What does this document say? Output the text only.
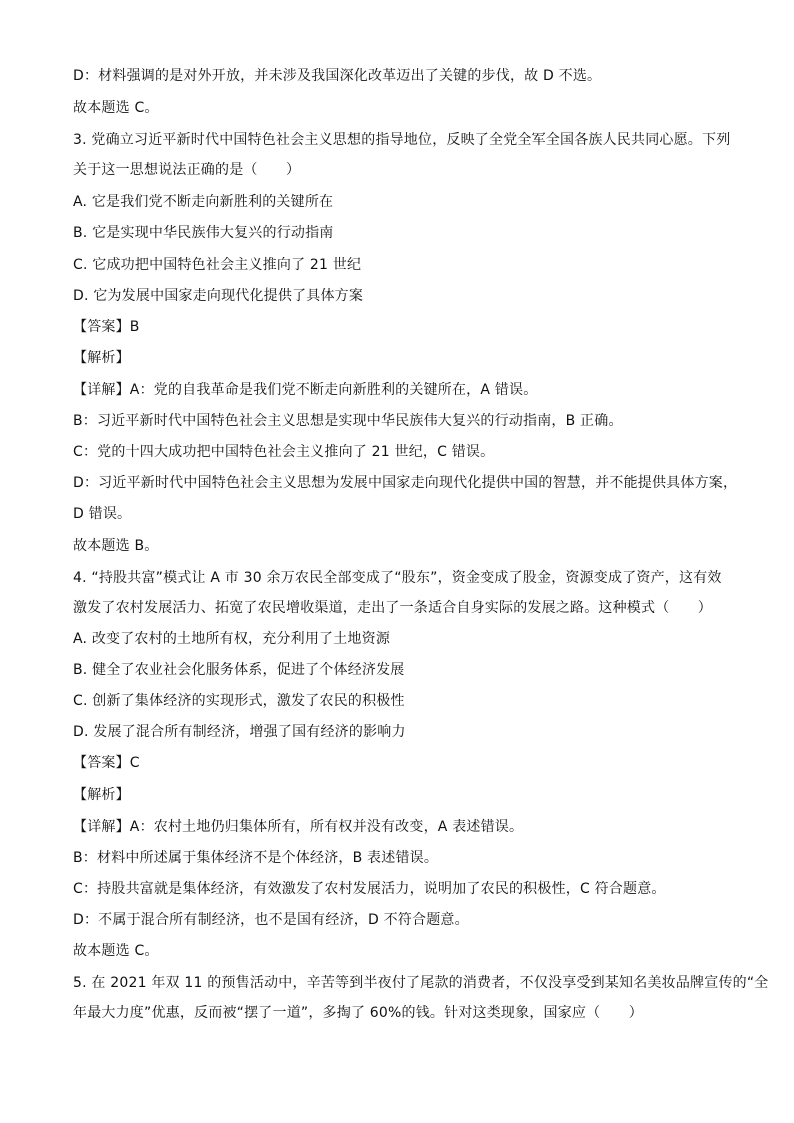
D：材料强调的是对外开放，并未涉及我国深化改革迈出了关键的步伐，故 D 不选。
故本题选 C。
3. 党确立习近平新时代中国特色社会主义思想的指导地位，反映了全党全军全国各族人民共同心愿。下列
关于这一思想说法正确的是（　　）
A. 它是我们党不断走向新胜利的关键所在
B. 它是实现中华民族伟大复兴的行动指南
C. 它成功把中国特色社会主义推向了 21 世纪
D. 它为发展中国家走向现代化提供了具体方案
【答案】B
【解析】
【详解】A：党的自我革命是我们党不断走向新胜利的关键所在，A 错误。
B：习近平新时代中国特色社会主义思想是实现中华民族伟大复兴的行动指南，B 正确。
C：党的十四大成功把中国特色社会主义推向了 21 世纪，C 错误。
D：习近平新时代中国特色社会主义思想为发展中国家走向现代化提供中国的智慧，并不能提供具体方案，
D 错误。
故本题选 B。
4. “持股共富”模式让 A 市 30 余万农民全部变成了“股东”，资金变成了股金，资源变成了资产，这有效
激发了农村发展活力、拓宽了农民增收渠道，走出了一条适合自身实际的发展之路。这种模式（　　）
A. 改变了农村的土地所有权，充分利用了土地资源
B. 健全了农业社会化服务体系，促进了个体经济发展
C. 创新了集体经济的实现形式，激发了农民的积极性
D. 发展了混合所有制经济，增强了国有经济的影响力
【答案】C
【解析】
【详解】A：农村土地仍归集体所有，所有权并没有改变，A 表述错误。
B：材料中所述属于集体经济不是个体经济，B 表述错误。
C：持股共富就是集体经济，有效激发了农村发展活力，说明加了农民的积极性，C 符合题意。
D：不属于混合所有制经济，也不是国有经济，D 不符合题意。
故本题选 C。
5. 在 2021 年双 11 的预售活动中，辛苦等到半夜付了尾款的消费者，不仅没享受到某知名美妆品牌宣传的“全
年最大力度”优惠，反而被“摆了一道”，多掏了 60%的钱。针对这类现象，国家应（　　）
